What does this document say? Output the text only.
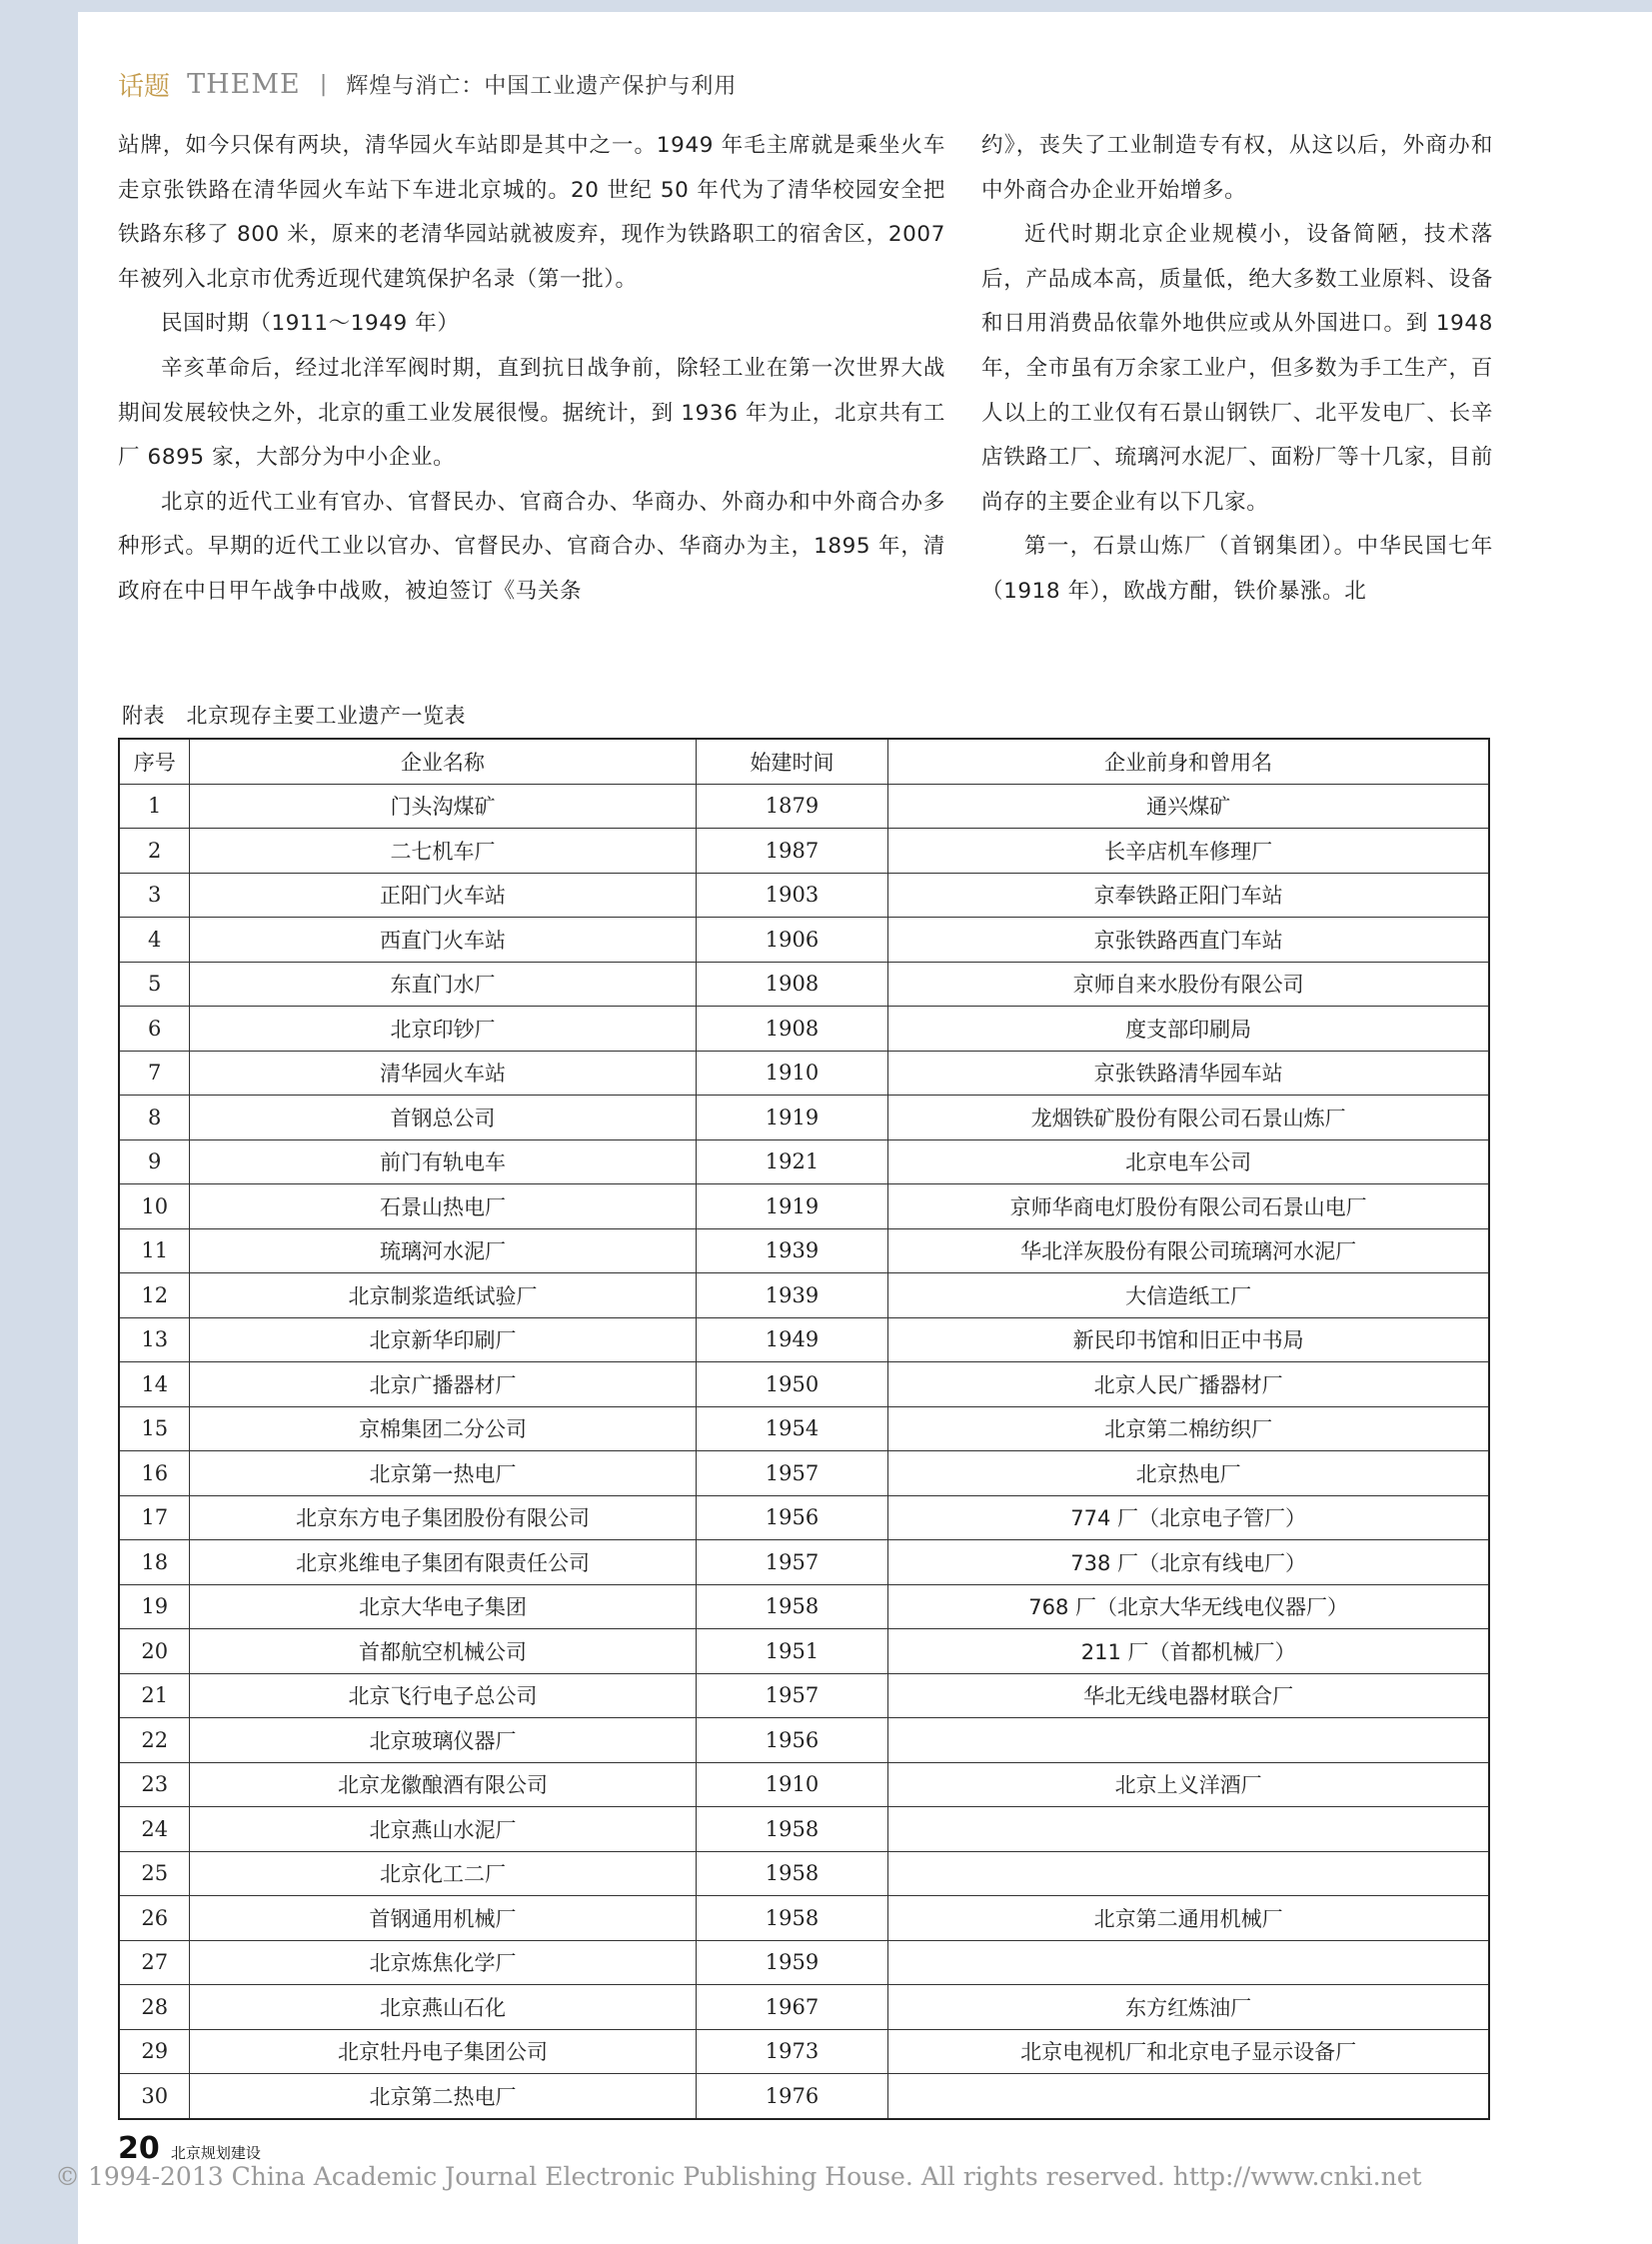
话题 THEME | 辉煌与消亡：中国工业遗产保护与利用

站牌，如今只保有两块，清华园火车站即是其中之一。1949 年毛主席就是乘坐火车走京张铁路在清华园火车站下车进北京城的。20 世纪 50 年代为了清华校园安全把铁路东移了 800 米，原来的老清华园站就被废弃，现作为铁路职工的宿舍区，2007 年被列入北京市优秀近现代建筑保护名录（第一批）。

民国时期（1911～1949 年）

辛亥革命后，经过北洋军阀时期，直到抗日战争前，除轻工业在第一次世界大战期间发展较快之外，北京的重工业发展很慢。据统计，到 1936 年为止，北京共有工厂 6895 家，大部分为中小企业。

北京的近代工业有官办、官督民办、官商合办、华商办、外商办和中外商合办多种形式。早期的近代工业以官办、官督民办、官商合办、华商办为主，1895 年，清政府在中日甲午战争中战败，被迫签订《马关条

约》，丧失了工业制造专有权，从这以后，外商办和中外商合办企业开始增多。

近代时期北京企业规模小，设备简陋，技术落后，产品成本高，质量低，绝大多数工业原料、设备和日用消费品依靠外地供应或从外国进口。到 1948 年，全市虽有万余家工业户，但多数为手工生产，百人以上的工业仅有石景山钢铁厂、北平发电厂、长辛店铁路工厂、琉璃河水泥厂、面粉厂等十几家，目前尚存的主要企业有以下几家。

第一，石景山炼厂（首钢集团）。中华民国七年（1918 年），欧战方酣，铁价暴涨。北

附表　北京现存主要工业遗产一览表
序号	企业名称	始建时间	企业前身和曾用名
1	门头沟煤矿	1879	通兴煤矿
2	二七机车厂	1987	长辛店机车修理厂
3	正阳门火车站	1903	京奉铁路正阳门车站
4	西直门火车站	1906	京张铁路西直门车站
5	东直门水厂	1908	京师自来水股份有限公司
6	北京印钞厂	1908	度支部印刷局
7	清华园火车站	1910	京张铁路清华园车站
8	首钢总公司	1919	龙烟铁矿股份有限公司石景山炼厂
9	前门有轨电车	1921	北京电车公司
10	石景山热电厂	1919	京师华商电灯股份有限公司石景山电厂
11	琉璃河水泥厂	1939	华北洋灰股份有限公司琉璃河水泥厂
12	北京制浆造纸试验厂	1939	大信造纸工厂
13	北京新华印刷厂	1949	新民印书馆和旧正中书局
14	北京广播器材厂	1950	北京人民广播器材厂
15	京棉集团二分公司	1954	北京第二棉纺织厂
16	北京第一热电厂	1957	北京热电厂
17	北京东方电子集团股份有限公司	1956	774 厂（北京电子管厂）
18	北京兆维电子集团有限责任公司	1957	738 厂（北京有线电厂）
19	北京大华电子集团	1958	768 厂（北京大华无线电仪器厂）
20	首都航空机械公司	1951	211 厂（首都机械厂）
21	北京飞行电子总公司	1957	华北无线电器材联合厂
22	北京玻璃仪器厂	1956	
23	北京龙徽酿酒有限公司	1910	北京上义洋酒厂
24	北京燕山水泥厂	1958	
25	北京化工二厂	1958	
26	首钢通用机械厂	1958	北京第二通用机械厂
27	北京炼焦化学厂	1959	
28	北京燕山石化	1967	东方红炼油厂
29	北京牡丹电子集团公司	1973	北京电视机厂和北京电子显示设备厂
30	北京第二热电厂	1976	
20 北京规划建设
© 1994-2013 China Academic Journal Electronic Publishing House. All rights reserved. http://www.cnki.net
